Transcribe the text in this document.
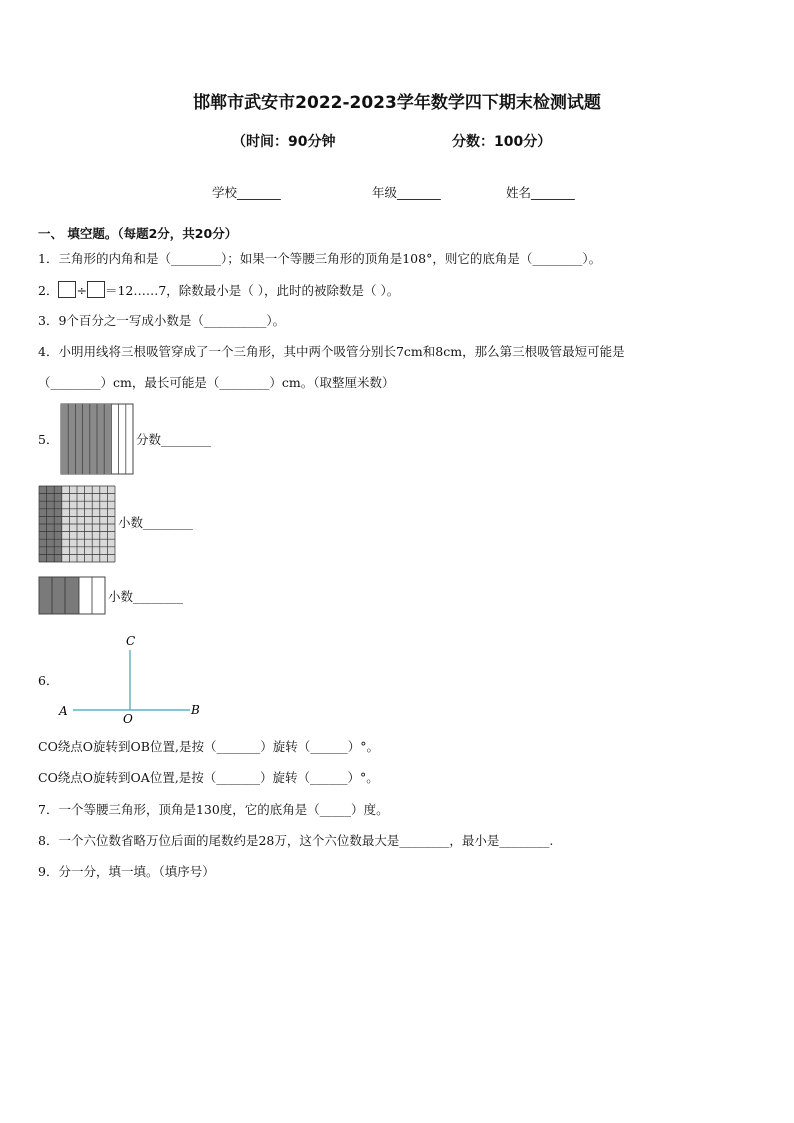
邯郸市武安市2022-2023学年数学四下期末检测试题
（时间：90分钟	分数：100分）
学校_______	年级_______	姓名_______
一、 填空题。（每题2分，共20分）
1．三角形的内角和是（________）；如果一个等腰三角形的顶角是108°，则它的底角是（________）。
2． ÷ ＝12……7，除数最小是（ ），此时的被除数是（ ）。
3．9个百分之一写成小数是（__________）。
4．小明用线将三根吸管穿成了一个三角形，其中两个吸管分别长7cm和8cm，那么第三根吸管最短可能是
（________）cm，最长可能是（________）cm。（取整厘米数）
5．	分数________
小数________
小数________
6．
C
A
O
B
CO绕点O旋转到OB位置,是按（_______）旋转（______）°。
CO绕点O旋转到OA位置,是按（_______）旋转（______）°。
7．一个等腰三角形，顶角是130度，它的底角是（_____）度。
8．一个六位数省略万位后面的尾数约是28万，这个六位数最大是________，最小是________.
9．分一分，填一填。（填序号）
